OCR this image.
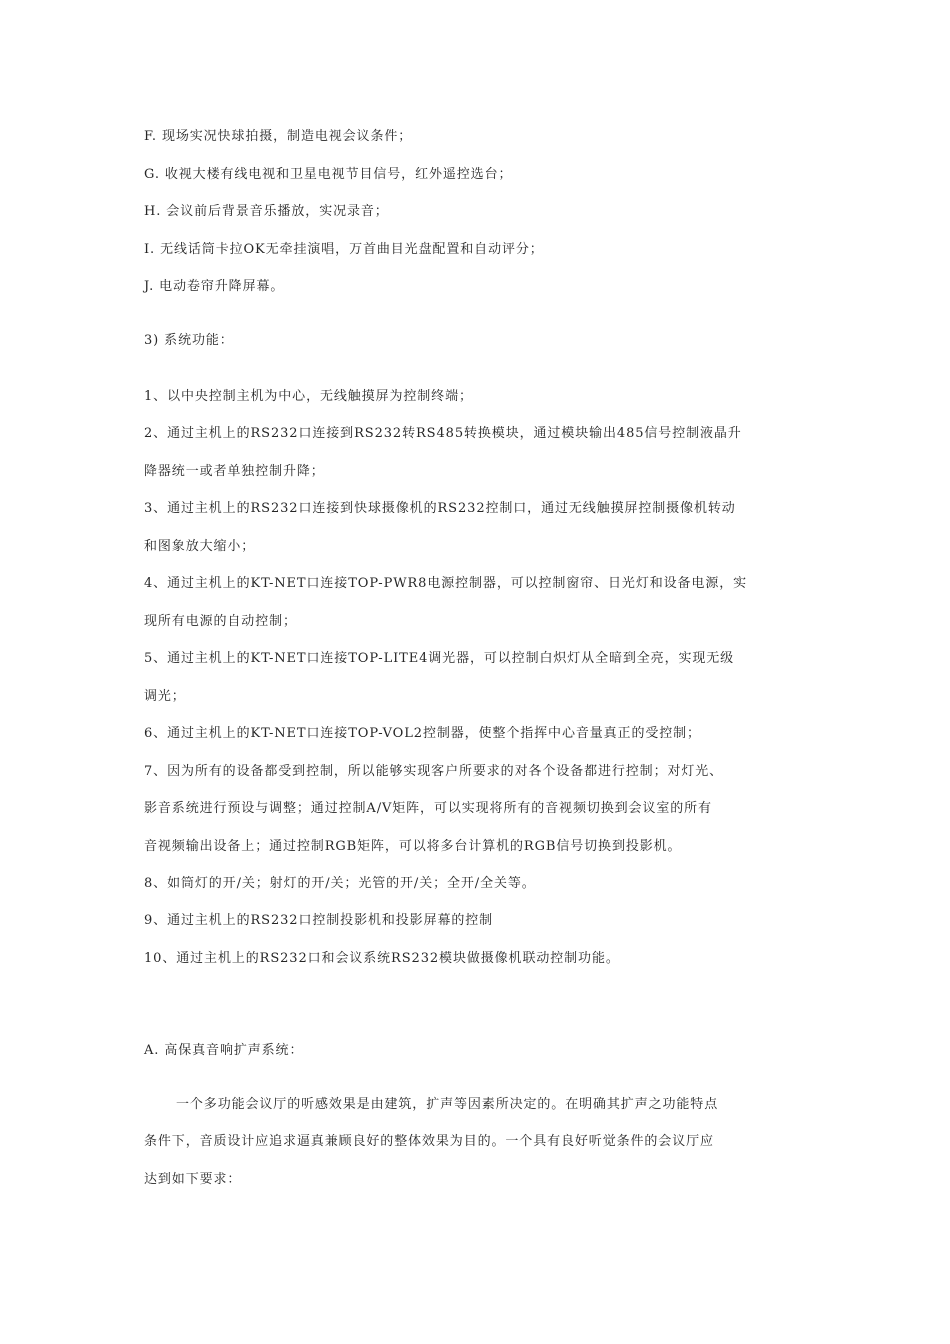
F. 现场实况快球拍摄，制造电视会议条件；
G. 收视大楼有线电视和卫星电视节目信号，红外遥控选台；
H. 会议前后背景音乐播放，实况录音；
I. 无线话筒卡拉OK无牵挂演唱，万首曲目光盘配置和自动评分；
J. 电动卷帘升降屏幕。
3) 系统功能：
1、以中央控制主机为中心，无线触摸屏为控制终端；
2、通过主机上的RS232口连接到RS232转RS485转换模块，通过模块输出485信号控制液晶升
降器统一或者单独控制升降；
3、通过主机上的RS232口连接到快球摄像机的RS232控制口，通过无线触摸屏控制摄像机转动
和图象放大缩小；
4、通过主机上的KT-NET口连接TOP-PWR8电源控制器，可以控制窗帘、日光灯和设备电源，实
现所有电源的自动控制；
5、通过主机上的KT-NET口连接TOP-LITE4调光器，可以控制白炽灯从全暗到全亮，实现无级
调光；
6、通过主机上的KT-NET口连接TOP-VOL2控制器，使整个指挥中心音量真正的受控制；
7、因为所有的设备都受到控制，所以能够实现客户所要求的对各个设备都进行控制；对灯光、
影音系统进行预设与调整；通过控制A/V矩阵，可以实现将所有的音视频切换到会议室的所有
音视频输出设备上；通过控制RGB矩阵，可以将多台计算机的RGB信号切换到投影机。
8、如筒灯的开/关；射灯的开/关；光管的开/关；全开/全关等。
9、通过主机上的RS232口控制投影机和投影屏幕的控制
10、通过主机上的RS232口和会议系统RS232模块做摄像机联动控制功能。
A. 高保真音响扩声系统：
一个多功能会议厅的听感效果是由建筑，扩声等因素所决定的。在明确其扩声之功能特点
条件下，音质设计应追求逼真兼顾良好的整体效果为目的。一个具有良好听觉条件的会议厅应
达到如下要求：
